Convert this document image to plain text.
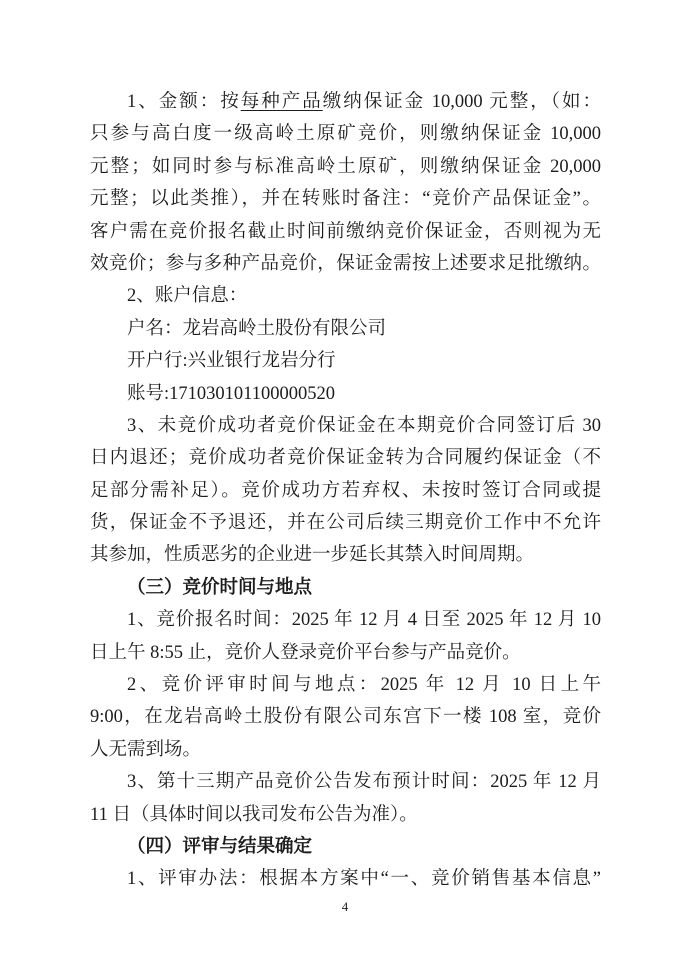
1、金额：按每种产品缴纳保证金 10,000 元整，（如：
只参与高白度一级高岭土原矿竞价，则缴纳保证金 10,000
元整；如同时参与标准高岭土原矿，则缴纳保证金 20,000
元整；以此类推），并在转账时备注：“竞价产品保证金”。
客户需在竞价报名截止时间前缴纳竞价保证金，否则视为无
效竞价；参与多种产品竞价，保证金需按上述要求足批缴纳。
2、账户信息：
户名：龙岩高岭土股份有限公司
开户行:兴业银行龙岩分行
账号:171030101100000520
3、未竞价成功者竞价保证金在本期竞价合同签订后 30
日内退还；竞价成功者竞价保证金转为合同履约保证金（不
足部分需补足）。竞价成功方若弃权、未按时签订合同或提
货，保证金不予退还，并在公司后续三期竞价工作中不允许
其参加，性质恶劣的企业进一步延长其禁入时间周期。
（三）竞价时间与地点
1、竞价报名时间：2025 年 12 月 4 日至 2025 年 12 月 10
日上午 8:55 止，竞价人登录竞价平台参与产品竞价。
2、竞价评审时间与地点：2025 年 12 月 10 日上午
9:00，在龙岩高岭土股份有限公司东宫下一楼 108 室，竞价
人无需到场。
3、第十三期产品竞价公告发布预计时间：2025 年 12 月
11 日（具体时间以我司发布公告为准）。
（四）评审与结果确定
1、评审办法：根据本方案中“一、竞价销售基本信息”
4
